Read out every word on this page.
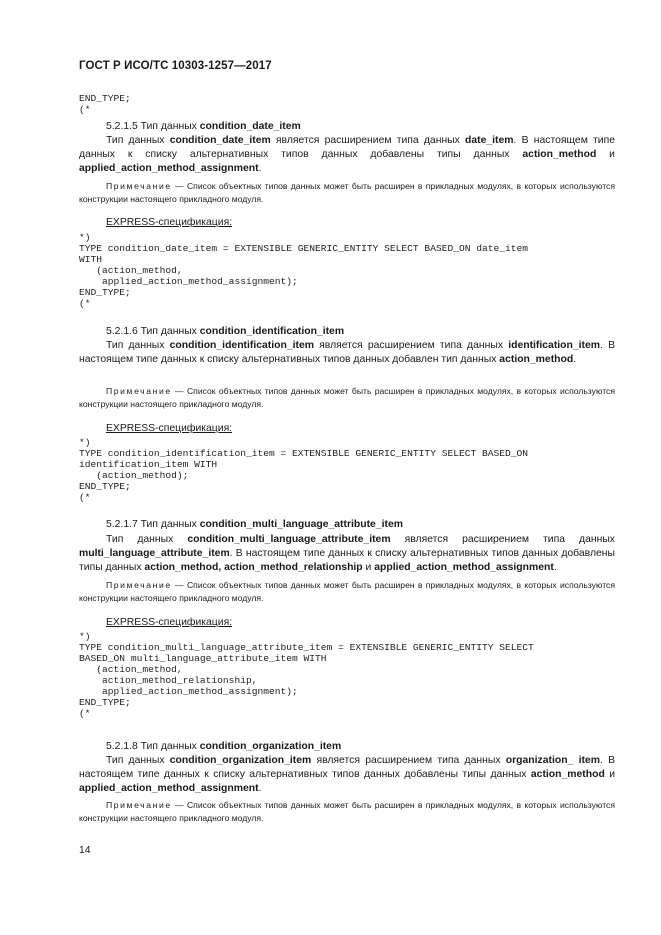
ГОСТ Р ИСО/ТС 10303-1257—2017
END_TYPE;
(*
5.2.1.5 Тип данных condition_date_item
Тип данных condition_date_item является расширением типа данных date_item. В настоящем типе данных к списку альтернативных типов данных добавлены типы данных action_method и applied_action_method_assignment.
Примечание — Список объектных типов данных может быть расширен в прикладных модулях, в которых используются конструкции настоящего прикладного модуля.
EXPRESS-спецификация:
*)
TYPE condition_date_item = EXTENSIBLE GENERIC_ENTITY SELECT BASED_ON date_item
WITH
(action_method,
applied_action_method_assignment);
END_TYPE;
(*
5.2.1.6 Тип данных condition_identification_item
Тип данных condition_identification_item является расширением типа данных identification_item. В настоящем типе данных к списку альтернативных типов данных добавлен тип данных action_method.
Примечание — Список объектных типов данных может быть расширен в прикладных модулях, в которых используются конструкции настоящего прикладного модуля.
EXPRESS-спецификация:
*)
TYPE condition_identification_item = EXTENSIBLE GENERIC_ENTITY SELECT BASED_ON
identification_item WITH
(action_method);
END_TYPE;
(*
5.2.1.7 Тип данных condition_multi_language_attribute_item
Тип данных condition_multi_language_attribute_item является расширением типа данных multi_language_attribute_item. В настоящем типе данных к списку альтернативных типов данных добавлены типы данных action_method, action_method_relationship и applied_action_method_assignment.
Примечание — Список объектных типов данных может быть расширен в прикладных модулях, в которых используются конструкции настоящего прикладного модуля.
EXPRESS-спецификация:
*)
TYPE condition_multi_language_attribute_item = EXTENSIBLE GENERIC_ENTITY SELECT
BASED_ON multi_language_attribute_item WITH
(action_method,
action_method_relationship,
applied_action_method_assignment);
END_TYPE;
(*
5.2.1.8 Тип данных condition_organization_item
Тип данных condition_organization_item является расширением типа данных organization_ item. В настоящем типе данных к списку альтернативных типов данных добавлены типы данных action_method и applied_action_method_assignment.
Примечание — Список объектных типов данных может быть расширен в прикладных модулях, в которых используются конструкции настоящего прикладного модуля.
14
